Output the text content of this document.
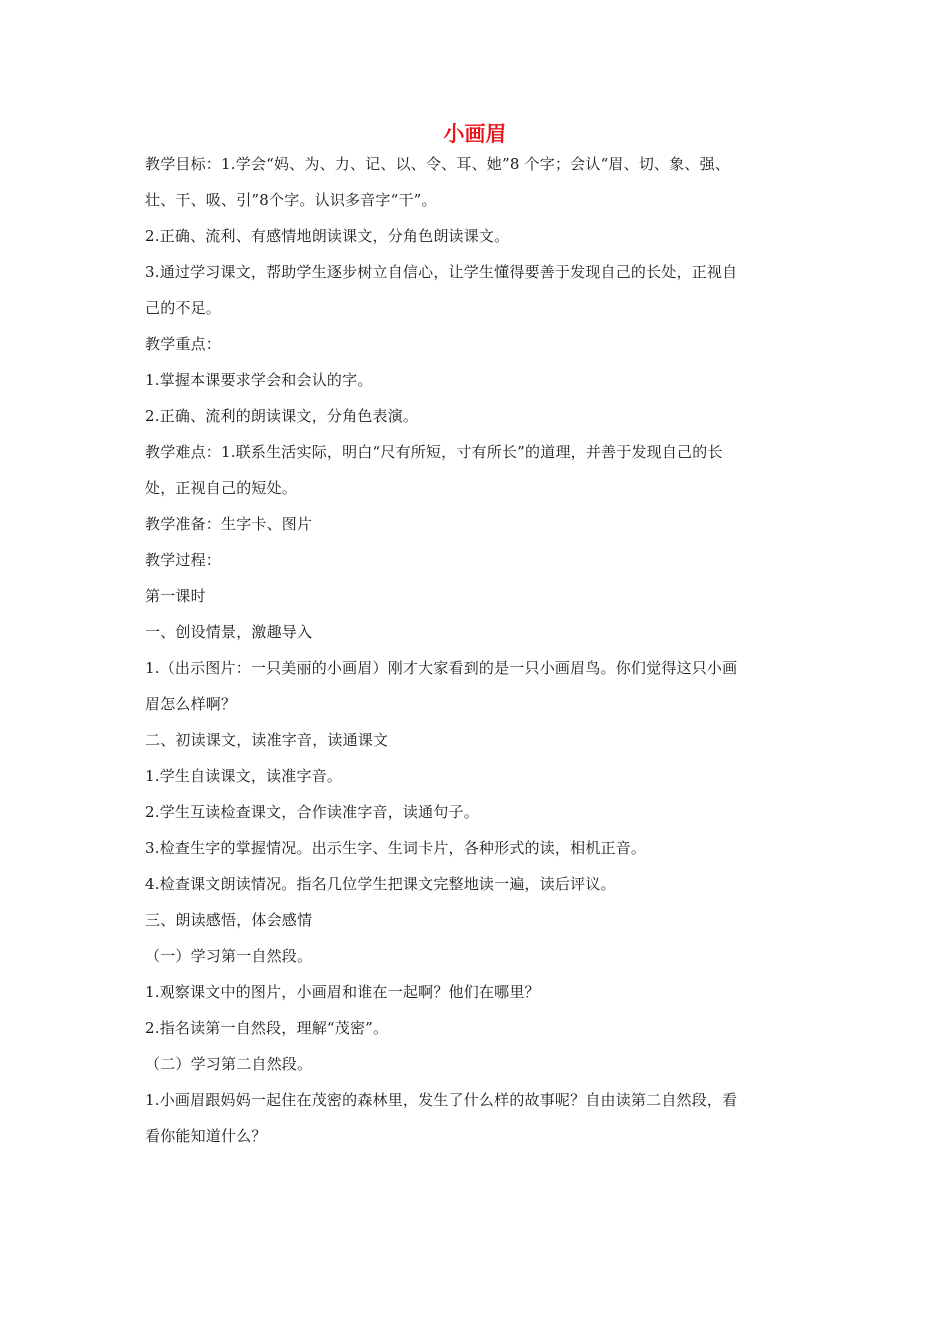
小画眉
教学目标：1.学会“妈、为、力、记、以、令、耳、她”8 个字；会认“眉、切、象、强、
壮、干、吸、引”8个字。认识多音字“干”。
2.正确、流利、有感情地朗读课文，分角色朗读课文。
3.通过学习课文，帮助学生逐步树立自信心，让学生懂得要善于发现自己的长处，正视自
己的不足。
教学重点：
1.掌握本课要求学会和会认的字。
2.正确、流利的朗读课文，分角色表演。
教学难点：1.联系生活实际，明白“尺有所短，寸有所长”的道理，并善于发现自己的长
处，正视自己的短处。
教学准备：生字卡、图片
教学过程：
第一课时
一、创设情景，激趣导入
1.（出示图片：一只美丽的小画眉）刚才大家看到的是一只小画眉鸟。你们觉得这只小画
眉怎么样啊？
二、初读课文，读准字音，读通课文
1.学生自读课文，读准字音。
2.学生互读检查课文，合作读准字音，读通句子。
3.检查生字的掌握情况。出示生字、生词卡片，各种形式的读，相机正音。
4.检查课文朗读情况。指名几位学生把课文完整地读一遍，读后评议。
三、朗读感悟，体会感情
（一）学习第一自然段。
1.观察课文中的图片，小画眉和谁在一起啊？他们在哪里？
2.指名读第一自然段，理解“茂密”。
（二）学习第二自然段。
1.小画眉跟妈妈一起住在茂密的森林里，发生了什么样的故事呢？自由读第二自然段，看
看你能知道什么？
